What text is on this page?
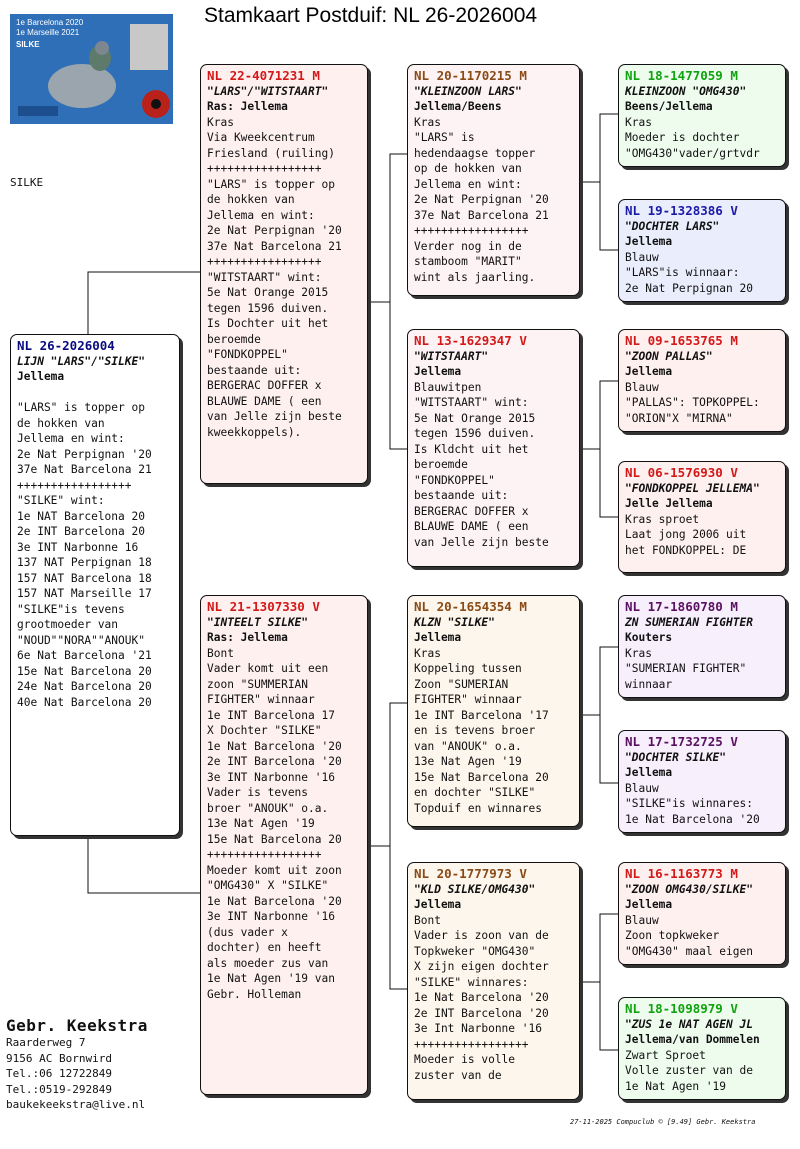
Stamkaart Postduif: NL 26-2026004
1e Barcelona 2020
1e Marseille 2021
SILKE
SILKE
NL 26-2026004
LIJN "LARS"/"SILKE"
Jellema

"LARS" is topper op
de hokken van
Jellema en wint:
2e Nat Perpignan '20
37e Nat Barcelona 21
+++++++++++++++++
"SILKE" wint:
1e NAT Barcelona 20
2e INT Barcelona 20
3e INT Narbonne 16
137 NAT Perpignan 18
157 NAT Barcelona 18
157 NAT Marseille 17
"SILKE"is tevens
grootmoeder van
"NOUD""NORA""ANOUK"
6e Nat Barcelona '21
15e Nat Barcelona 20
24e Nat Barcelona 20
40e Nat Barcelona 20
NL 22-4071231 M
"LARS"/"WITSTAART"
Ras: Jellema
Kras
Via Kweekcentrum
Friesland (ruiling)
+++++++++++++++++
"LARS" is topper op
de hokken van
Jellema en wint:
2e Nat Perpignan '20
37e Nat Barcelona 21
+++++++++++++++++
"WITSTAART" wint:
5e Nat Orange 2015
tegen 1596 duiven.
Is Dochter uit het
beroemde
"FONDKOPPEL"
bestaande uit:
BERGERAC DOFFER x
BLAUWE DAME ( een
van Jelle zijn beste
kweekkoppels).
NL 21-1307330 V
"INTEELT SILKE"
Ras: Jellema
Bont
Vader komt uit een
zoon "SUMMERIAN
FIGHTER" winnaar
1e INT Barcelona 17
X Dochter "SILKE"
1e Nat Barcelona '20
2e INT Barcelona '20
3e INT Narbonne '16
Vader is tevens
broer "ANOUK" o.a.
13e Nat Agen '19
15e Nat Barcelona 20
+++++++++++++++++
Moeder komt uit zoon
"OMG430" X "SILKE"
1e Nat Barcelona '20
3e INT Narbonne '16
(dus vader x
dochter) en heeft
als moeder zus van
1e Nat Agen '19 van
Gebr. Holleman
NL 20-1170215 M
"KLEINZOON LARS"
Jellema/Beens
Kras
"LARS" is
hedendaagse topper
op de hokken van
Jellema en wint:
2e Nat Perpignan '20
37e Nat Barcelona 21
+++++++++++++++++
Verder nog in de
stamboom "MARIT"
wint als jaarling.
NL 13-1629347 V
"WITSTAART"
Jellema
Blauwitpen
"WITSTAART" wint:
5e Nat Orange 2015
tegen 1596 duiven.
Is Kldcht uit het
beroemde
"FONDKOPPEL"
bestaande uit:
BERGERAC DOFFER x
BLAUWE DAME ( een
van Jelle zijn beste
NL 20-1654354 M
KLZN "SILKE"
Jellema
Kras
Koppeling tussen
Zoon "SUMERIAN
FIGHTER" winnaar
1e INT Barcelona '17
en is tevens broer
van "ANOUK" o.a.
13e Nat Agen '19
15e Nat Barcelona 20
en dochter "SILKE"
Topduif en winnares
NL 20-1777973 V
"KLD SILKE/OMG430"
Jellema
Bont
Vader is zoon van de
Topkweker "OMG430"
X zijn eigen dochter
"SILKE" winnares:
1e Nat Barcelona '20
2e INT Barcelona '20
3e Int Narbonne '16
+++++++++++++++++
Moeder is volle
zuster van de
NL 18-1477059 M
KLEINZOON "OMG430"
Beens/Jellema
Kras
Moeder is dochter
"OMG430"vader/grtvdr
NL 19-1328386 V
"DOCHTER LARS"
Jellema
Blauw
"LARS"is winnaar:
2e Nat Perpignan 20
NL 09-1653765 M
"ZOON PALLAS"
Jellema
Blauw
"PALLAS": TOPKOPPEL:
"ORION"X "MIRNA"
NL 06-1576930 V
"FONDKOPPEL JELLEMA"
Jelle Jellema
Kras sproet
Laat jong 2006 uit
het FONDKOPPEL: DE
NL 17-1860780 M
ZN SUMERIAN FIGHTER
Kouters
Kras
"SUMERIAN FIGHTER"
winnaar
NL 17-1732725 V
"DOCHTER SILKE"
Jellema
Blauw
"SILKE"is winnares:
1e Nat Barcelona '20
NL 16-1163773 M
"ZOON OMG430/SILKE"
Jellema
Blauw
Zoon topkweker
"OMG430" maal eigen
NL 18-1098979 V
"ZUS 1e NAT AGEN JL
Jellema/van Dommelen
Zwart Sproet
Volle zuster van de
1e Nat Agen '19
Gebr. Keekstra
Raarderweg 7
9156 AC Bornwird
Tel.:06 12722849
Tel.:0519-292849
baukekeekstra@live.nl
27-11-2025 Compuclub © [9.49] Gebr. Keekstra
